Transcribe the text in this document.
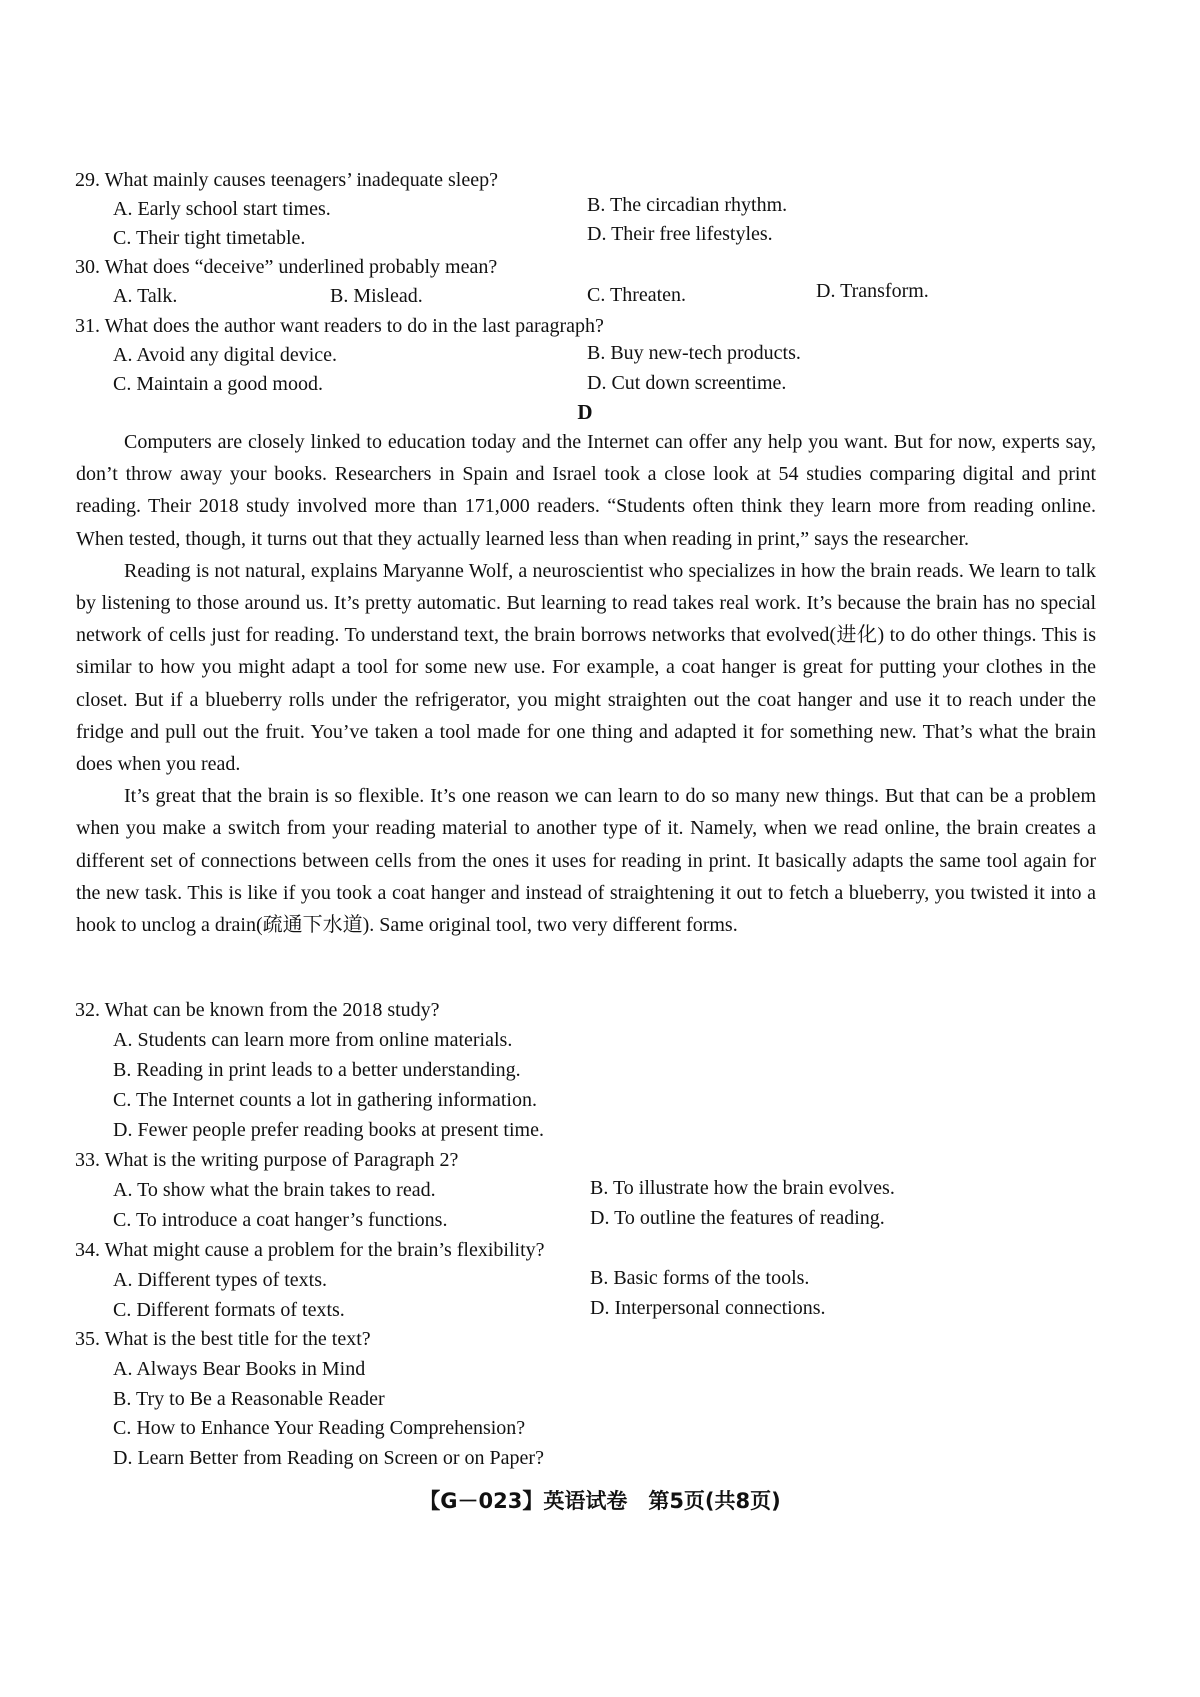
29. What mainly causes teenagers’ inadequate sleep?
A. Early school start times.	B. The circadian rhythm.
C. Their tight timetable.	D. Their free lifestyles.
30. What does “deceive” underlined probably mean?
A. Talk.	B. Mislead.	C. Threaten.	D. Transform.
31. What does the author want readers to do in the last paragraph?
A. Avoid any digital device.	B. Buy new-tech products.
C. Maintain a good mood.	D. Cut down screentime.
D

Computers are closely linked to education today and the Internet can offer any help you want. But for now, experts say, don’t throw away your books. Researchers in Spain and Israel took a close look at 54 studies comparing digital and print reading. Their 2018 study involved more than 171,000 readers. “Students often think they learn more from reading online. When tested, though, it turns out that they actually learned less than when reading in print,” says the researcher.

Reading is not natural, explains Maryanne Wolf, a neuroscientist who specializes in how the brain reads. We learn to talk by listening to those around us. It’s pretty automatic. But learning to read takes real work. It’s because the brain has no special network of cells just for reading. To understand text, the brain borrows networks that evolved(进化) to do other things. This is similar to how you might adapt a tool for some new use. For example, a coat hanger is great for putting your clothes in the closet. But if a blueberry rolls under the refrigerator, you might straighten out the coat hanger and use it to reach under the fridge and pull out the fruit. You’ve taken a tool made for one thing and adapted it for something new. That’s what the brain does when you read.

It’s great that the brain is so flexible. It’s one reason we can learn to do so many new things. But that can be a problem when you make a switch from your reading material to another type of it. Namely, when we read online, the brain creates a different set of connections between cells from the ones it uses for reading in print. It basically adapts the same tool again for the new task. This is like if you took a coat hanger and instead of straightening it out to fetch a blueberry, you twisted it into a hook to unclog a drain(疏通下水道). Same original tool, two very different forms.

32. What can be known from the 2018 study?
A. Students can learn more from online materials.
B. Reading in print leads to a better understanding.
C. The Internet counts a lot in gathering information.
D. Fewer people prefer reading books at present time.
33. What is the writing purpose of Paragraph 2?
A. To show what the brain takes to read.	B. To illustrate how the brain evolves.
C. To introduce a coat hanger’s functions.	D. To outline the features of reading.
34. What might cause a problem for the brain’s flexibility?
A. Different types of texts.	B. Basic forms of the tools.
C. Different formats of texts.	D. Interpersonal connections.
35. What is the best title for the text?
A. Always Bear Books in Mind
B. Try to Be a Reasonable Reader
C. How to Enhance Your Reading Comprehension?
D. Learn Better from Reading on Screen or on Paper?
【G－023】英语试卷　第5页(共8页)
